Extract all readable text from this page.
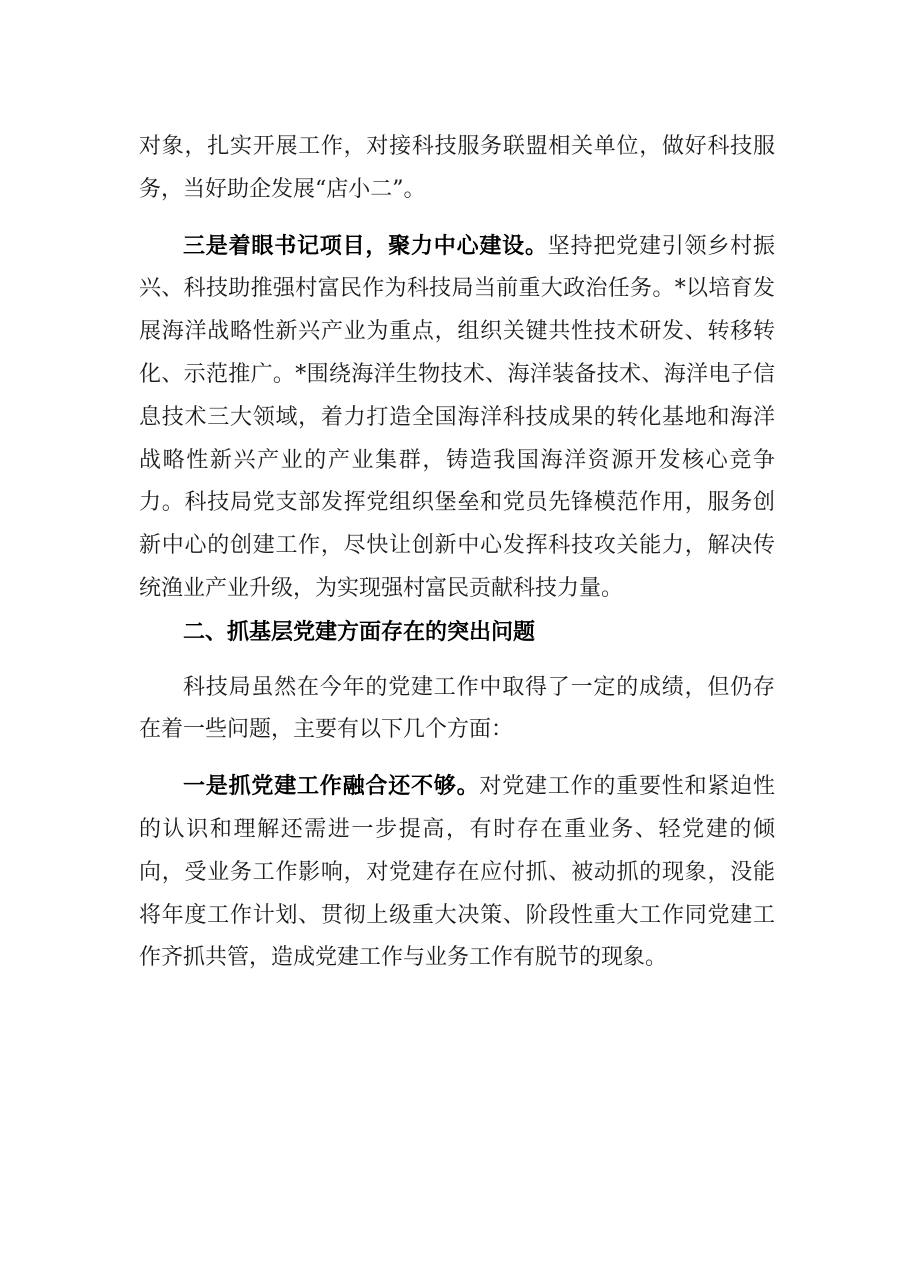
对象，扎实开展工作，对接科技服务联盟相关单位，做好科技服务，当好助企发展“店小二”。

三是着眼书记项目，聚力中心建设。坚持把党建引领乡村振兴、科技助推强村富民作为科技局当前重大政治任务。*以培育发展海洋战略性新兴产业为重点，组织关键共性技术研发、转移转化、示范推广。*围绕海洋生物技术、海洋装备技术、海洋电子信息技术三大领域，着力打造全国海洋科技成果的转化基地和海洋战略性新兴产业的产业集群，铸造我国海洋资源开发核心竞争力。科技局党支部发挥党组织堡垒和党员先锋模范作用，服务创新中心的创建工作，尽快让创新中心发挥科技攻关能力，解决传统渔业产业升级，为实现强村富民贡献科技力量。

二、抓基层党建方面存在的突出问题

科技局虽然在今年的党建工作中取得了一定的成绩，但仍存在着一些问题，主要有以下几个方面：

一是抓党建工作融合还不够。对党建工作的重要性和紧迫性的认识和理解还需进一步提高，有时存在重业务、轻党建的倾向，受业务工作影响，对党建存在应付抓、被动抓的现象，没能将年度工作计划、贯彻上级重大决策、阶段性重大工作同党建工作齐抓共管，造成党建工作与业务工作有脱节的现象。
